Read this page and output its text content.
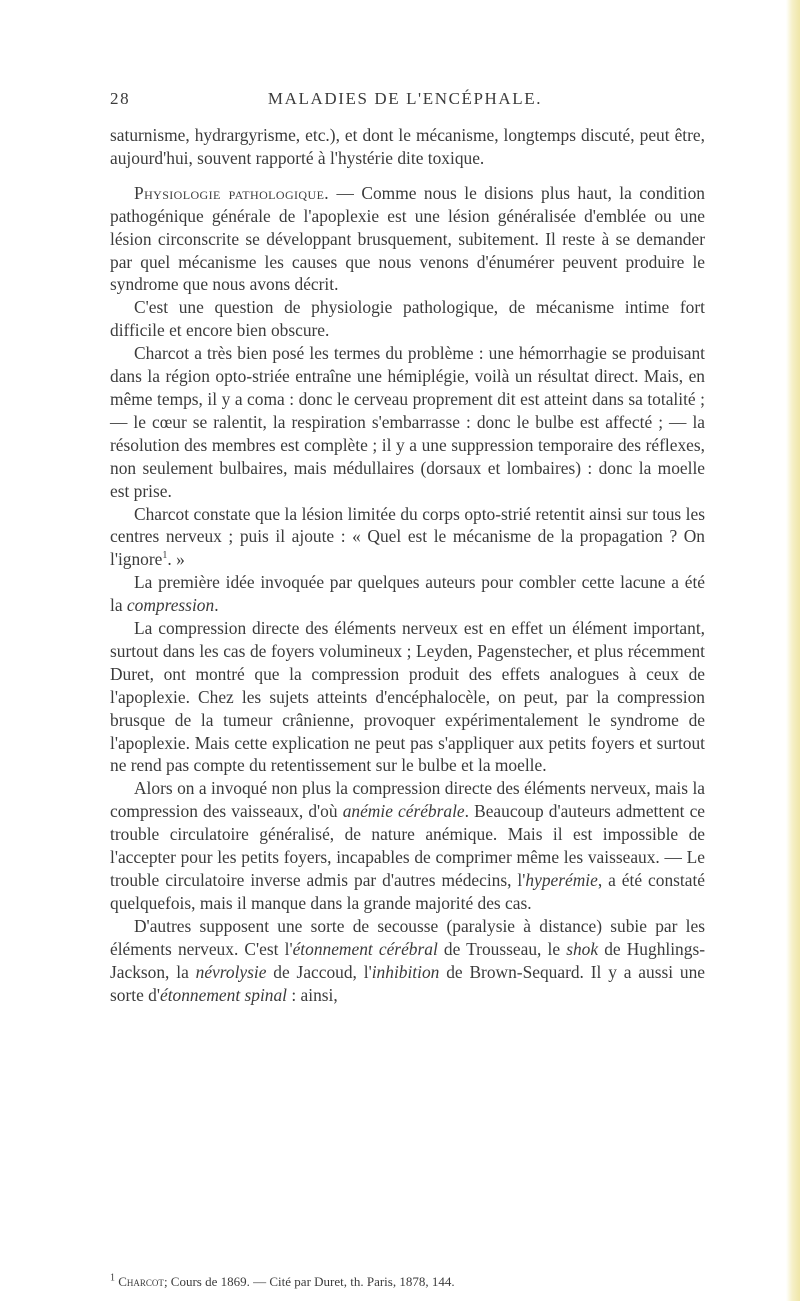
28	MALADIES DE L'ENCÉPHALE.

saturnisme, hydrargyrisme, etc.), et dont le mécanisme, longtemps discuté, peut être, aujourd'hui, souvent rapporté à l'hystérie dite toxique.

Physiologie pathologique. — Comme nous le disions plus haut, la condition pathogénique générale de l'apoplexie est une lésion généralisée d'emblée ou une lésion circonscrite se développant brusquement, subitement. Il reste à se demander par quel mécanisme les causes que nous venons d'énumérer peuvent produire le syndrome que nous avons décrit.

C'est une question de physiologie pathologique, de mécanisme intime fort difficile et encore bien obscure.

Charcot a très bien posé les termes du problème : une hémorrhagie se produisant dans la région opto-striée entraîne une hémiplégie, voilà un résultat direct. Mais, en même temps, il y a coma : donc le cerveau proprement dit est atteint dans sa totalité ; — le cœur se ralentit, la respiration s'embarrasse : donc le bulbe est affecté ; — la résolution des membres est complète ; il y a une suppression temporaire des réflexes, non seulement bulbaires, mais médullaires (dorsaux et lombaires) : donc la moelle est prise.

Charcot constate que la lésion limitée du corps opto-strié retentit ainsi sur tous les centres nerveux ; puis il ajoute : « Quel est le mécanisme de la propagation ? On l'ignore$^1$. »

La première idée invoquée par quelques auteurs pour combler cette lacune a été la compression.

La compression directe des éléments nerveux est en effet un élément important, surtout dans les cas de foyers volumineux ; Leyden, Pagenstecher, et plus récemment Duret, ont montré que la compression produit des effets analogues à ceux de l'apoplexie. Chez les sujets atteints d'encéphalocèle, on peut, par la compression brusque de la tumeur crânienne, provoquer expérimentalement le syndrome de l'apoplexie. Mais cette explication ne peut pas s'appliquer aux petits foyers et surtout ne rend pas compte du retentissement sur le bulbe et la moelle.

Alors on a invoqué non plus la compression directe des éléments nerveux, mais la compression des vaisseaux, d'où anémie cérébrale. Beaucoup d'auteurs admettent ce trouble circulatoire généralisé, de nature anémique. Mais il est impossible de l'accepter pour les petits foyers, incapables de comprimer même les vaisseaux. — Le trouble circulatoire inverse admis par d'autres médecins, l'hyperémie, a été constaté quelquefois, mais il manque dans la grande majorité des cas.

D'autres supposent une sorte de secousse (paralysie à distance) subie par les éléments nerveux. C'est l'étonnement cérébral de Trousseau, le shok de Hughlings-Jackson, la névrolysie de Jaccoud, l'inhibition de Brown-Sequard. Il y a aussi une sorte d'étonnement spinal : ainsi,

$^1$ Charcot; Cours de 1869. — Cité par Duret, th. Paris, 1878, 144.
